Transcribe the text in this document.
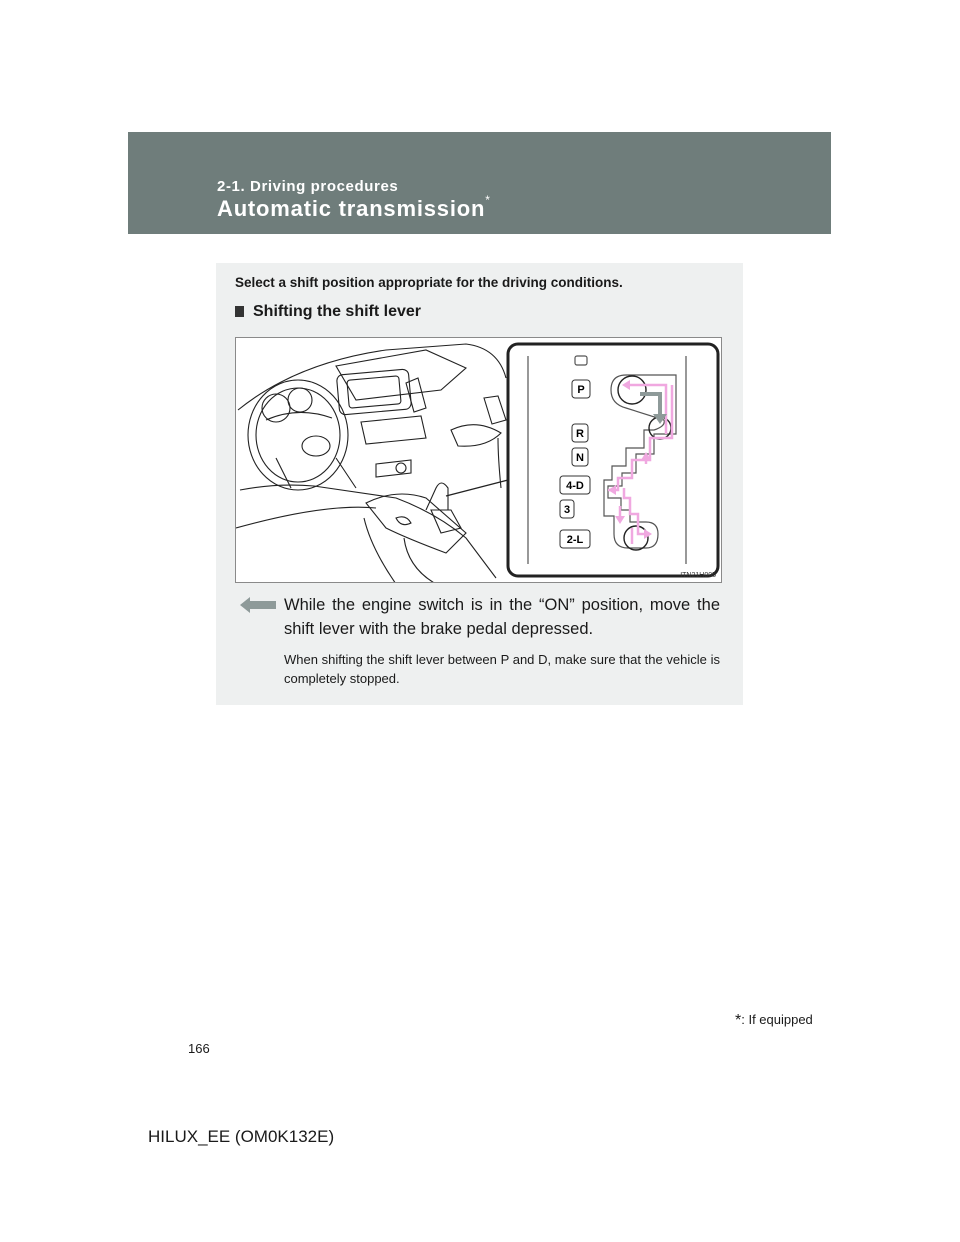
2-1. Driving procedures
Automatic transmission*
Select a shift position appropriate for the driving conditions.
Shifting the shift lever
P
R
N
4-D
3
2-L
ITN21H005
While the engine switch is in the “ON” position, move the shift lever with the brake pedal depressed.
When shifting the shift lever between P and D, make sure that the vehicle is completely stopped.
*: If equipped
166
HILUX_EE (OM0K132E)
